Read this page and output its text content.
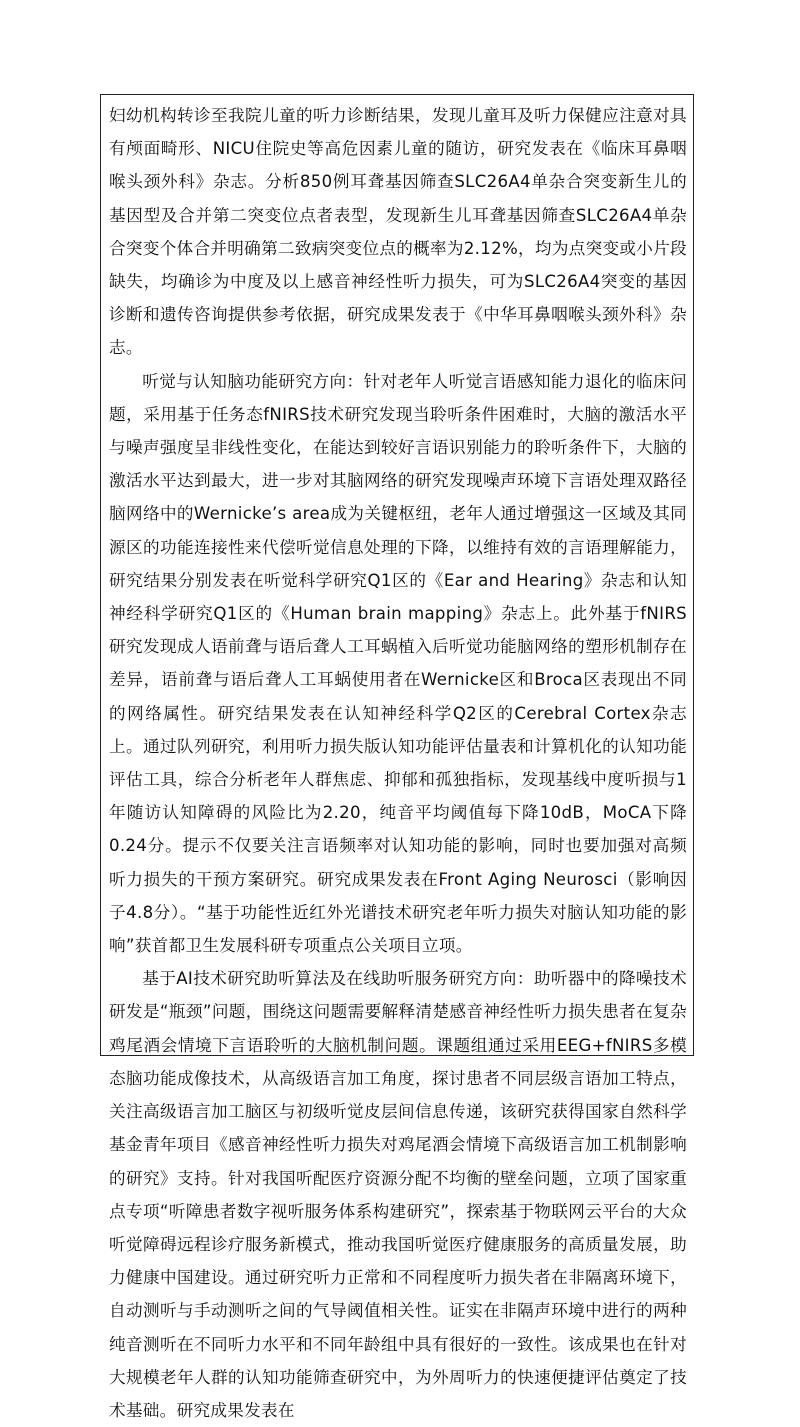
妇幼机构转诊至我院儿童的听力诊断结果，发现儿童耳及听力保健应注意对具有颅面畸形、NICU住院史等高危因素儿童的随访，研究发表在《临床耳鼻咽喉头颈外科》杂志。分析850例耳聋基因筛查SLC26A4单杂合突变新生儿的基因型及合并第二突变位点者表型，发现新生儿耳聋基因筛查SLC26A4单杂合突变个体合并明确第二致病突变位点的概率为2.12%，均为点突变或小片段缺失，均确诊为中度及以上感音神经性听力损失，可为SLC26A4突变的基因诊断和遗传咨询提供参考依据，研究成果发表于《中华耳鼻咽喉头颈外科》杂志。

听觉与认知脑功能研究方向：针对老年人听觉言语感知能力退化的临床问题，采用基于任务态fNIRS技术研究发现当聆听条件困难时，大脑的激活水平与噪声强度呈非线性变化，在能达到较好言语识别能力的聆听条件下，大脑的激活水平达到最大，进一步对其脑网络的研究发现噪声环境下言语处理双路径脑网络中的Wernicke’s area成为关键枢纽，老年人通过增强这一区域及其同源区的功能连接性来代偿听觉信息处理的下降，以维持有效的言语理解能力，研究结果分别发表在听觉科学研究Q1区的《Ear and Hearing》杂志和认知神经科学研究Q1区的《Human brain mapping》杂志上。此外基于fNIRS研究发现成人语前聋与语后聋人工耳蜗植入后听觉功能脑网络的塑形机制存在差异，语前聋与语后聋人工耳蜗使用者在Wernicke区和Broca区表现出不同的网络属性。研究结果发表在认知神经科学Q2区的Cerebral Cortex杂志上。通过队列研究，利用听力损失版认知功能评估量表和计算机化的认知功能评估工具，综合分析老年人群焦虑、抑郁和孤独指标，发现基线中度听损与1年随访认知障碍的风险比为2.20，纯音平均阈值每下降10dB，MoCA下降0.24分。提示不仅要关注言语频率对认知功能的影响，同时也要加强对高频听力损失的干预方案研究。研究成果发表在Front Aging Neurosci（影响因子4.8分）。“基于功能性近红外光谱技术研究老年听力损失对脑认知功能的影响”获首都卫生发展科研专项重点公关项目立项。

基于AI技术研究助听算法及在线助听服务研究方向：助听器中的降噪技术研发是“瓶颈”问题，围绕这问题需要解释清楚感音神经性听力损失患者在复杂鸡尾酒会情境下言语聆听的大脑机制问题。课题组通过采用EEG+fNIRS多模态脑功能成像技术，从高级语言加工角度，探讨患者不同层级言语加工特点，关注高级语言加工脑区与初级听觉皮层间信息传递，该研究获得国家自然科学基金青年项目《感音神经性听力损失对鸡尾酒会情境下高级语言加工机制影响的研究》支持。针对我国听配医疗资源分配不均衡的壁垒问题，立项了国家重点专项“听障患者数字视听服务体系构建研究”，探索基于物联网云平台的大众听觉障碍远程诊疗服务新模式，推动我国听觉医疗健康服务的高质量发展，助力健康中国建设。通过研究听力正常和不同程度听力损失者在非隔离环境下，自动测听与手动测听之间的气导阈值相关性。证实在非隔声环境中进行的两种纯音测听在不同听力水平和不同年龄组中具有很好的一致性。该成果也在针对大规模老年人群的认知功能筛查研究中，为外周听力的快速便捷评估奠定了技术基础。研究成果发表在
